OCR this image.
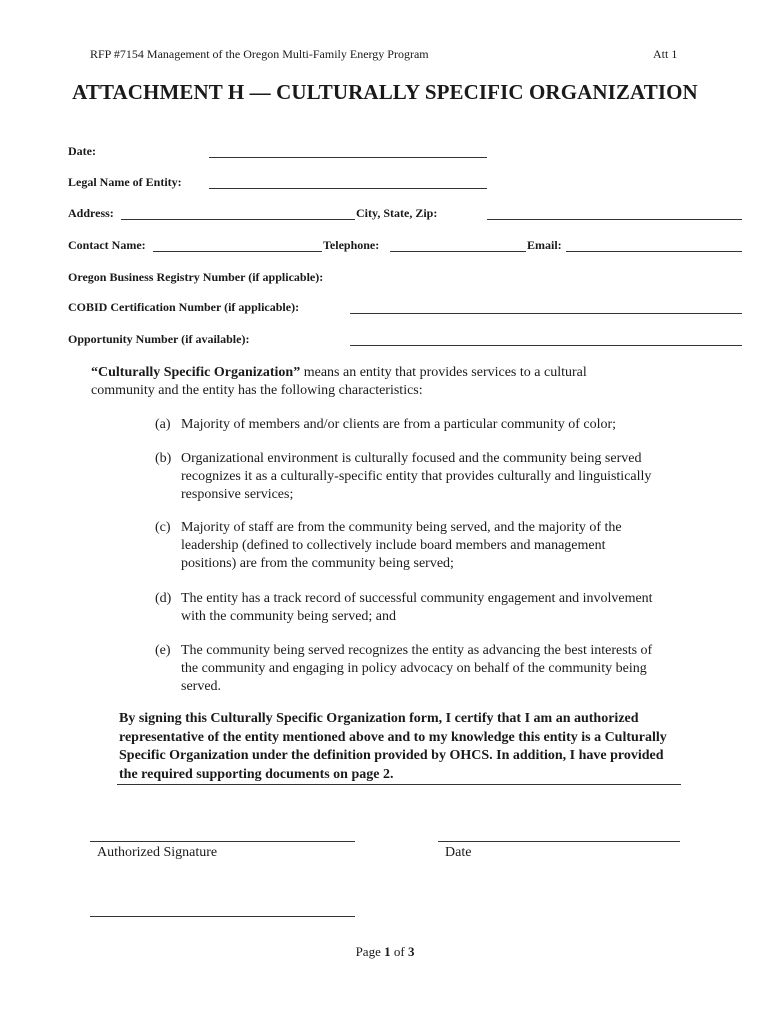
RFP #7154 Management of the Oregon Multi-Family Energy Program	Att 1
ATTACHMENT H — CULTURALLY SPECIFIC ORGANIZATION
Date:
Legal Name of Entity:
Address:	City, State, Zip:
Contact Name:	Telephone:	Email:
Oregon Business Registry Number (if applicable):
COBID Certification Number (if applicable):
Opportunity Number (if available):
“Culturally Specific Organization” means an entity that provides services to a cultural community and the entity has the following characteristics:
(a) Majority of members and/or clients are from a particular community of color;
(b) Organizational environment is culturally focused and the community being served recognizes it as a culturally-specific entity that provides culturally and linguistically responsive services;
(c) Majority of staff are from the community being served, and the majority of the leadership (defined to collectively include board members and management positions) are from the community being served;
(d) The entity has a track record of successful community engagement and involvement with the community being served; and
(e) The community being served recognizes the entity as advancing the best interests of the community and engaging in policy advocacy on behalf of the community being served.
By signing this Culturally Specific Organization form, I certify that I am an authorized representative of the entity mentioned above and to my knowledge this entity is a Culturally Specific Organization under the definition provided by OHCS. In addition, I have provided the required supporting documents on page 2.
Authorized Signature	Date
Page 1 of 3
